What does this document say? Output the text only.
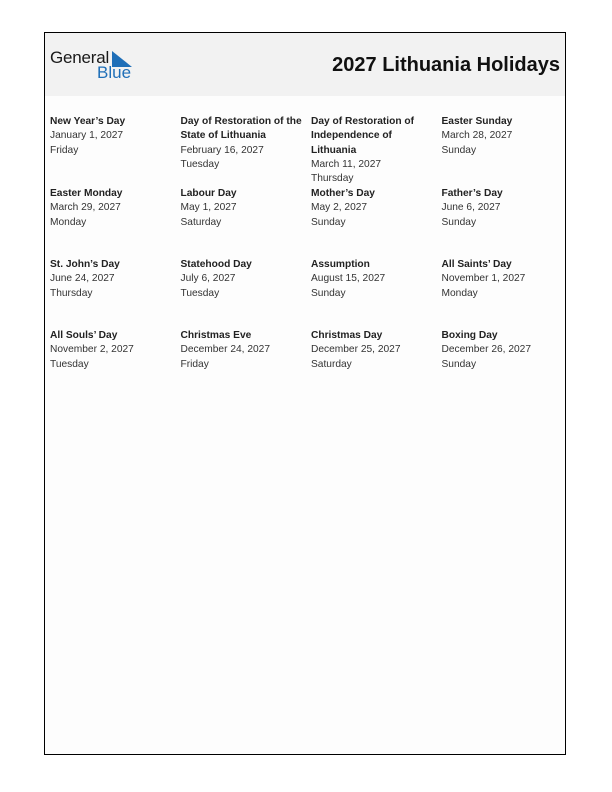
General
Blue	2027 Lithuania Holidays
New Year’s Day
January 1, 2027
Friday
Day of Restoration of the State of Lithuania
February 16, 2027
Tuesday
Day of Restoration of Independence of Lithuania
March 11, 2027
Thursday
Easter Sunday
March 28, 2027
Sunday
Easter Monday
March 29, 2027
Monday
Labour Day
May 1, 2027
Saturday
Mother’s Day
May 2, 2027
Sunday
Father’s Day
June 6, 2027
Sunday
St. John’s Day
June 24, 2027
Thursday
Statehood Day
July 6, 2027
Tuesday
Assumption
August 15, 2027
Sunday
All Saints’ Day
November 1, 2027
Monday
All Souls’ Day
November 2, 2027
Tuesday
Christmas Eve
December 24, 2027
Friday
Christmas Day
December 25, 2027
Saturday
Boxing Day
December 26, 2027
Sunday
